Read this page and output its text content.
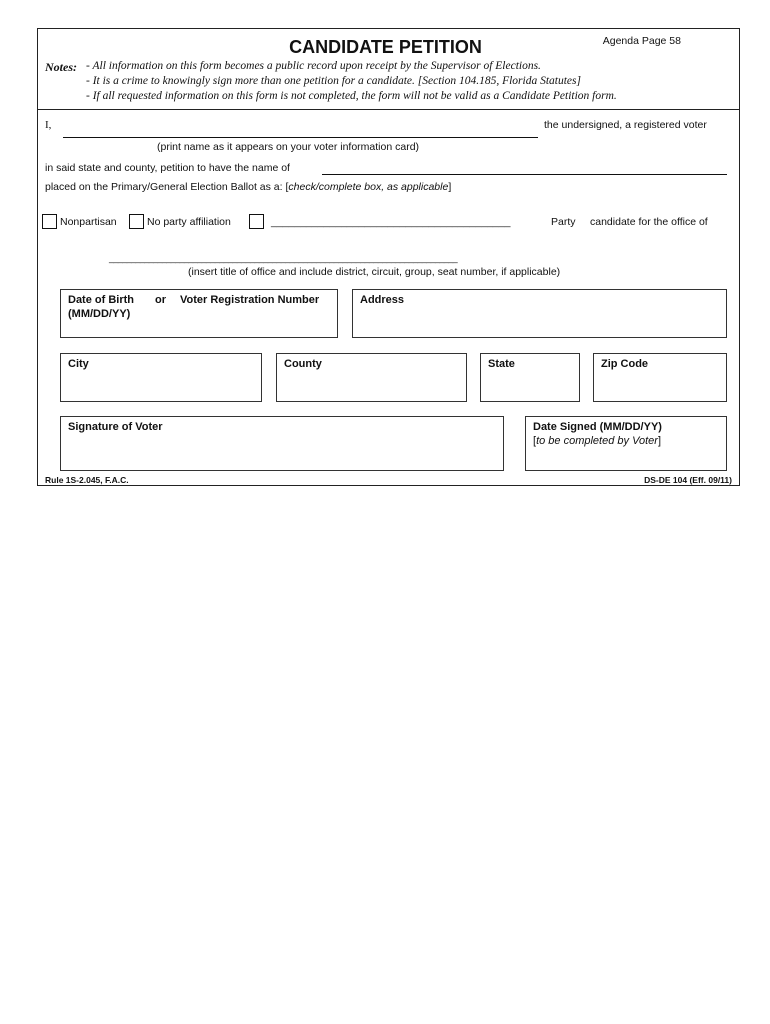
CANDIDATE PETITION	Agenda Page 58
Notes: - All information on this form becomes a public record upon receipt by the Supervisor of Elections.
- It is a crime to knowingly sign more than one petition for a candidate. [Section 104.185, Florida Statutes]
- If all requested information on this form is not completed, the form will not be valid as a Candidate Petition form.
I,	the undersigned, a registered voter
(print name as it appears on your voter information card)
in said state and county, petition to have the name of
placed on the Primary/General Election Ballot as a: [check/complete box, as applicable]
Nonpartisan	No party affiliation	_________________________________________	Party candidate for the office of
_______________________________________________________________________________
(insert title of office and include district, circuit, group, seat number, if applicable)
Date of Birth or Voter Registration Number
(MM/DD/YY)
Address
City	County	State	Zip Code
Signature of Voter	Date Signed (MM/DD/YY)
[to be completed by Voter]
Rule 1S-2.045, F.A.C.	DS-DE 104 (Eff. 09/11)
